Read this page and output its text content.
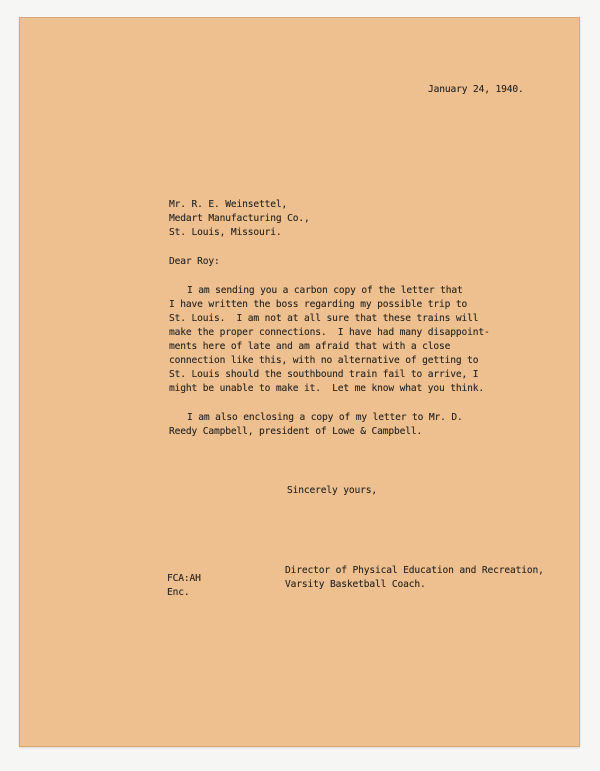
January 24, 1940.
Mr. R. E. Weinsettel,
Medart Manufacturing Co.,
St. Louis, Missouri.
Dear Roy:
I am sending you a carbon copy of the letter that
I have written the boss regarding my possible trip to
St. Louis.  I am not at all sure that these trains will
make the proper connections.  I have had many disappoint-
ments here of late and am afraid that with a close
connection like this, with no alternative of getting to
St. Louis should the southbound train fail to arrive, I
might be unable to make it.  Let me know what you think.
I am also enclosing a copy of my letter to Mr. D.
Reedy Campbell, president of Lowe & Campbell.
Sincerely yours,
FCA:AH
Enc.
Director of Physical Education and Recreation,
Varsity Basketball Coach.
